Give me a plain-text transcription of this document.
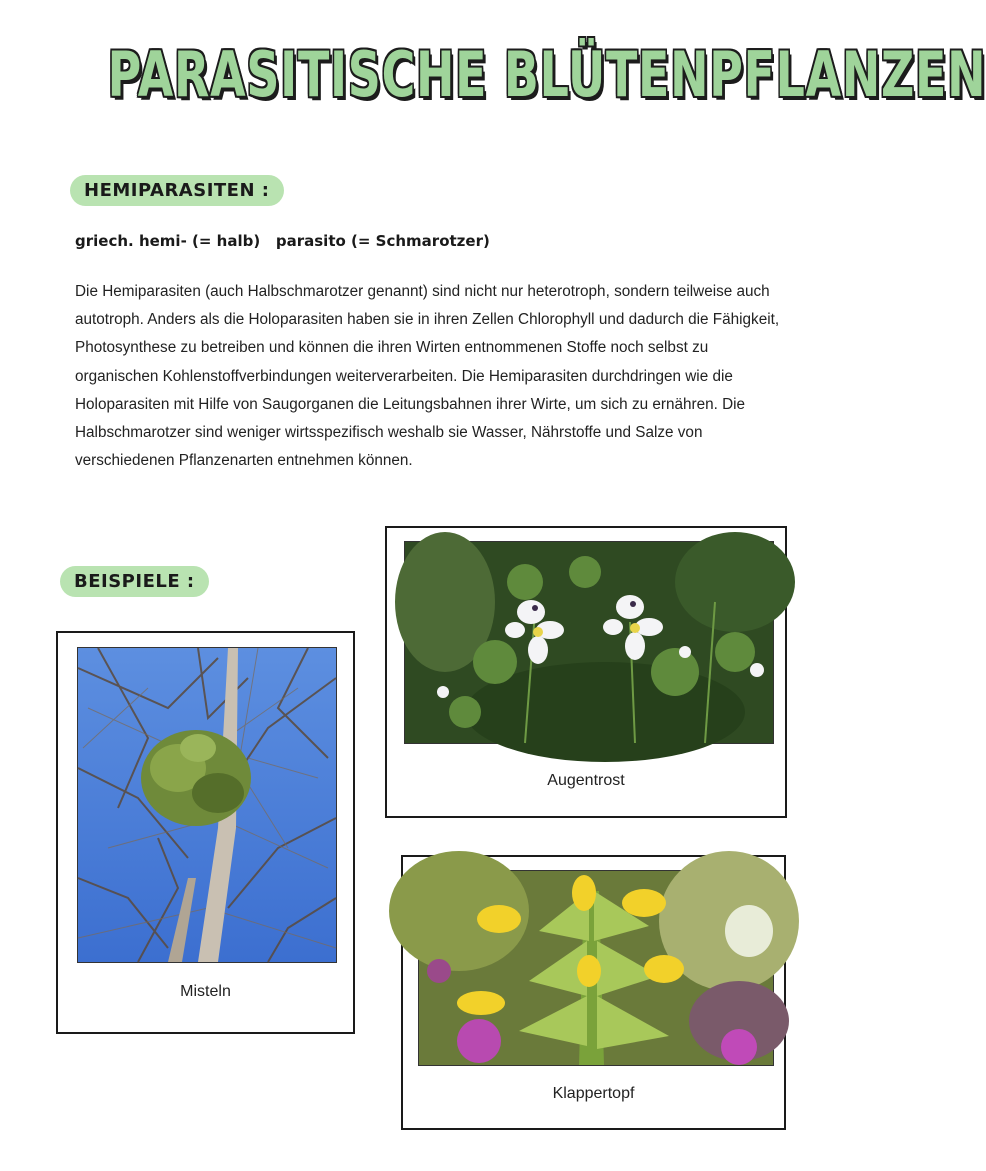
PARASITISCHE BLÜTENPFLANZEN
HEMIPARASITEN :
griech. hemi- (= halb) parasito (= Schmarotzer)
Die Hemiparasiten (auch Halbschmarotzer genannt) sind nicht nur heterotroph, sondern teilweise auch
autotroph. Anders als die Holoparasiten haben sie in ihren Zellen Chlorophyll und dadurch die Fähigkeit,
Photosynthese zu betreiben und können die ihren Wirten entnommenen Stoffe noch selbst zu
organischen Kohlenstoffverbindungen weiterverarbeiten. Die Hemiparasiten durchdringen wie die
Holoparasiten mit Hilfe von Saugorganen die Leitungsbahnen ihrer Wirte, um sich zu ernähren. Die
Halbschmarotzer sind weniger wirtsspezifisch weshalb sie Wasser, Nährstoffe und Salze von
verschiedenen Pflanzenarten entnehmen können.
BEISPIELE :
Misteln
Augentrost
Klappertopf
